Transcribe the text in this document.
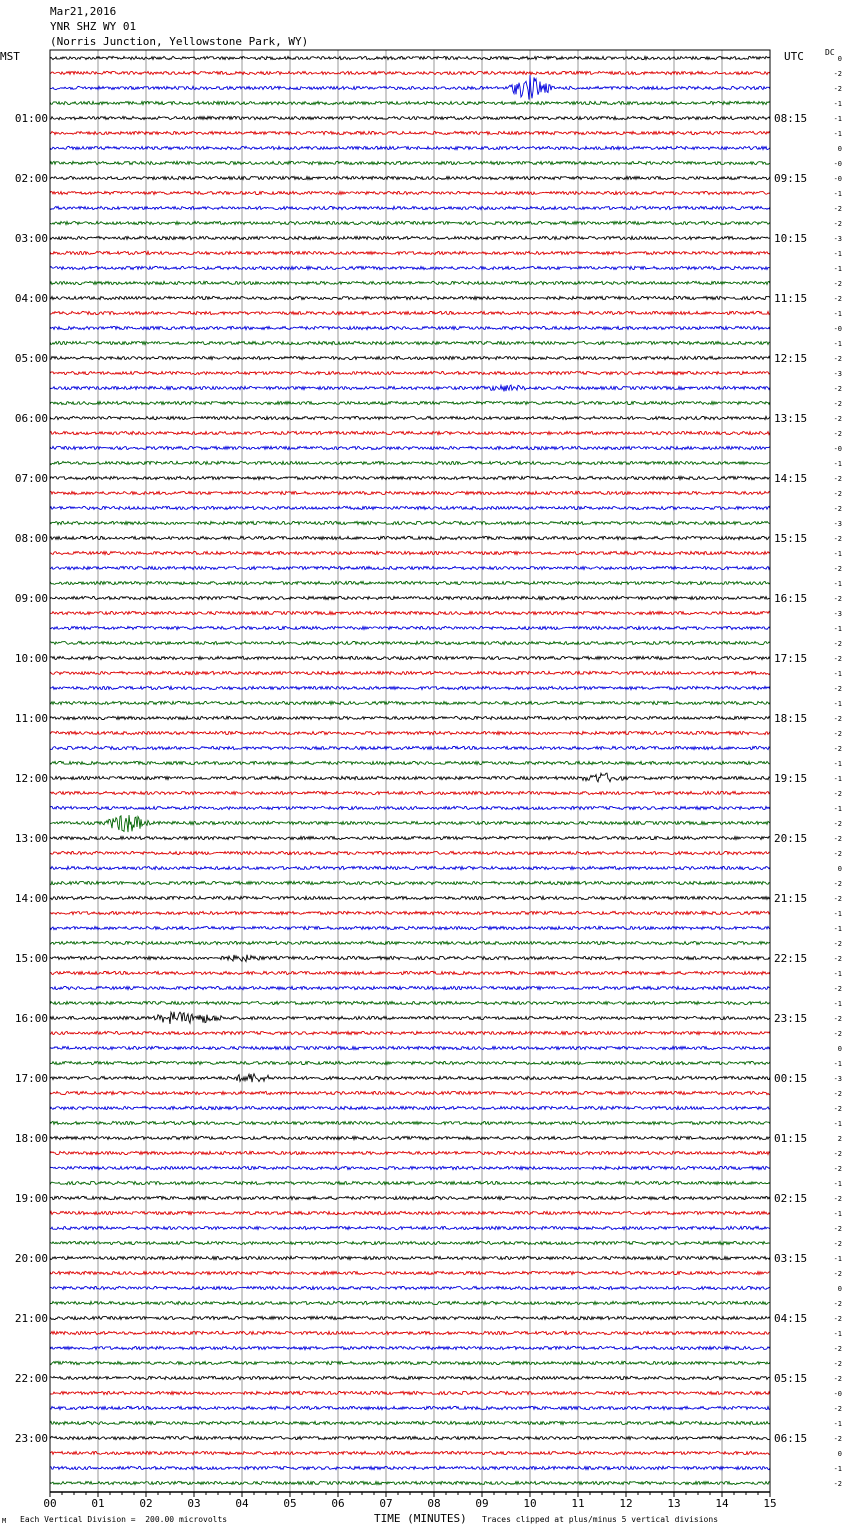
Mar21,2016
YNR SHZ WY 01
(Norris Junction, Yellowstone Park, WY)
MST	UTC	DC
0
-2
-2
-1
-1
-1
0
-0
-0
-1
-2
-2
-3
-1
-1
-2
-2
-1
-0
-1
-2
-3
-2
-2
-2
-2
-0
-1
-2
-2
-2
-3
-2
-1
-2
-1
-2
-3
-1
-2
-2
-1
-2
-1
-2
-2
-2
-1
-1
-2
-1
-2
-2
-2
0
-2
-2
-1
-1
-2
-2
-1
-2
-1
-2
-2
0
-1
-3
-2
-2
-1
2
-2
-2
-1
-2
-1
-2
-2
-1
-2
0
-2
-2
-1
-2
-2
-2
-0
-2
-1
-2
0
-1
-2
01:00
02:00
03:00
04:00
05:00
06:00
07:00
08:00
09:00
10:00
11:00
12:00
13:00
14:00
15:00
16:00
17:00
18:00
19:00
20:00
21:00
22:00
23:00
08:15
09:15
10:15
11:15
12:15
13:15
14:15
15:15
16:15
17:15
18:15
19:15
20:15
21:15
22:15
23:15
00:15
01:15
02:15
03:15
04:15
05:15
06:15
00	01	02	03	04	05	06	07	08	09	10	11	12	13	14	15
M Each Vertical Division =  200.00 microvolts	TIME (MINUTES) Traces clipped at plus/minus 5 vertical divisions
